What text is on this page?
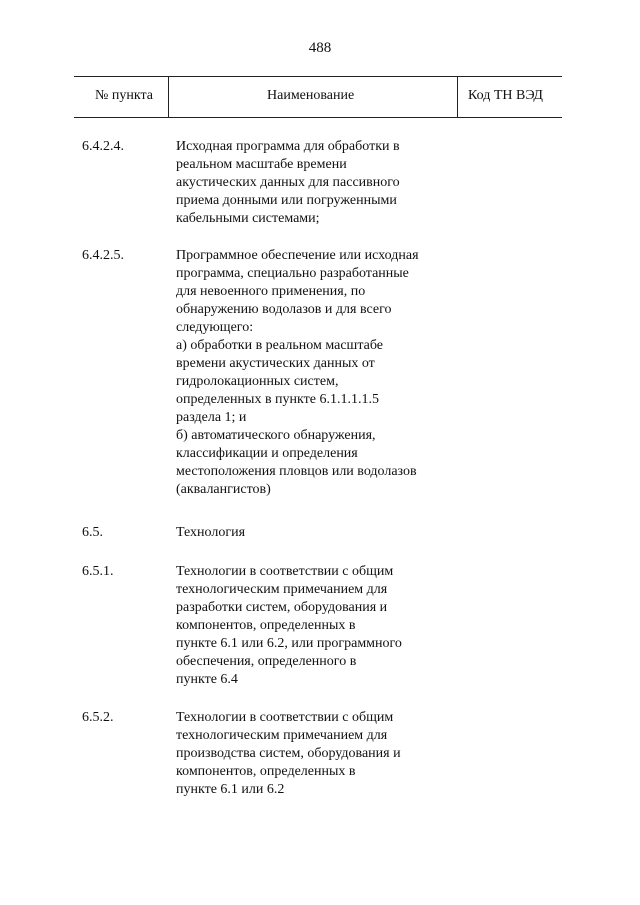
488
№ пункта	Наименование	Код ТН ВЭД
6.4.2.4.	Исходная программа для обработки в
реальном масштабе времени
акустических данных для пассивного
приема донными или погруженными
кабельными системами;
6.4.2.5.	Программное обеспечение или исходная
программа, специально разработанные
для невоенного применения, по
обнаружению водолазов и для всего
следующего:
а) обработки в реальном масштабе
времени акустических данных от
гидролокационных систем,
определенных в пункте 6.1.1.1.1.5
раздела 1; и
б) автоматического обнаружения,
классификации и определения
местоположения пловцов или водолазов
(аквалангистов)
6.5.	Технология
6.5.1.	Технологии в соответствии с общим
технологическим примечанием для
разработки систем, оборудования и
компонентов, определенных в
пункте 6.1 или 6.2, или программного
обеспечения, определенного в
пункте 6.4
6.5.2.	Технологии в соответствии с общим
технологическим примечанием для
производства систем, оборудования и
компонентов, определенных в
пункте 6.1 или 6.2
